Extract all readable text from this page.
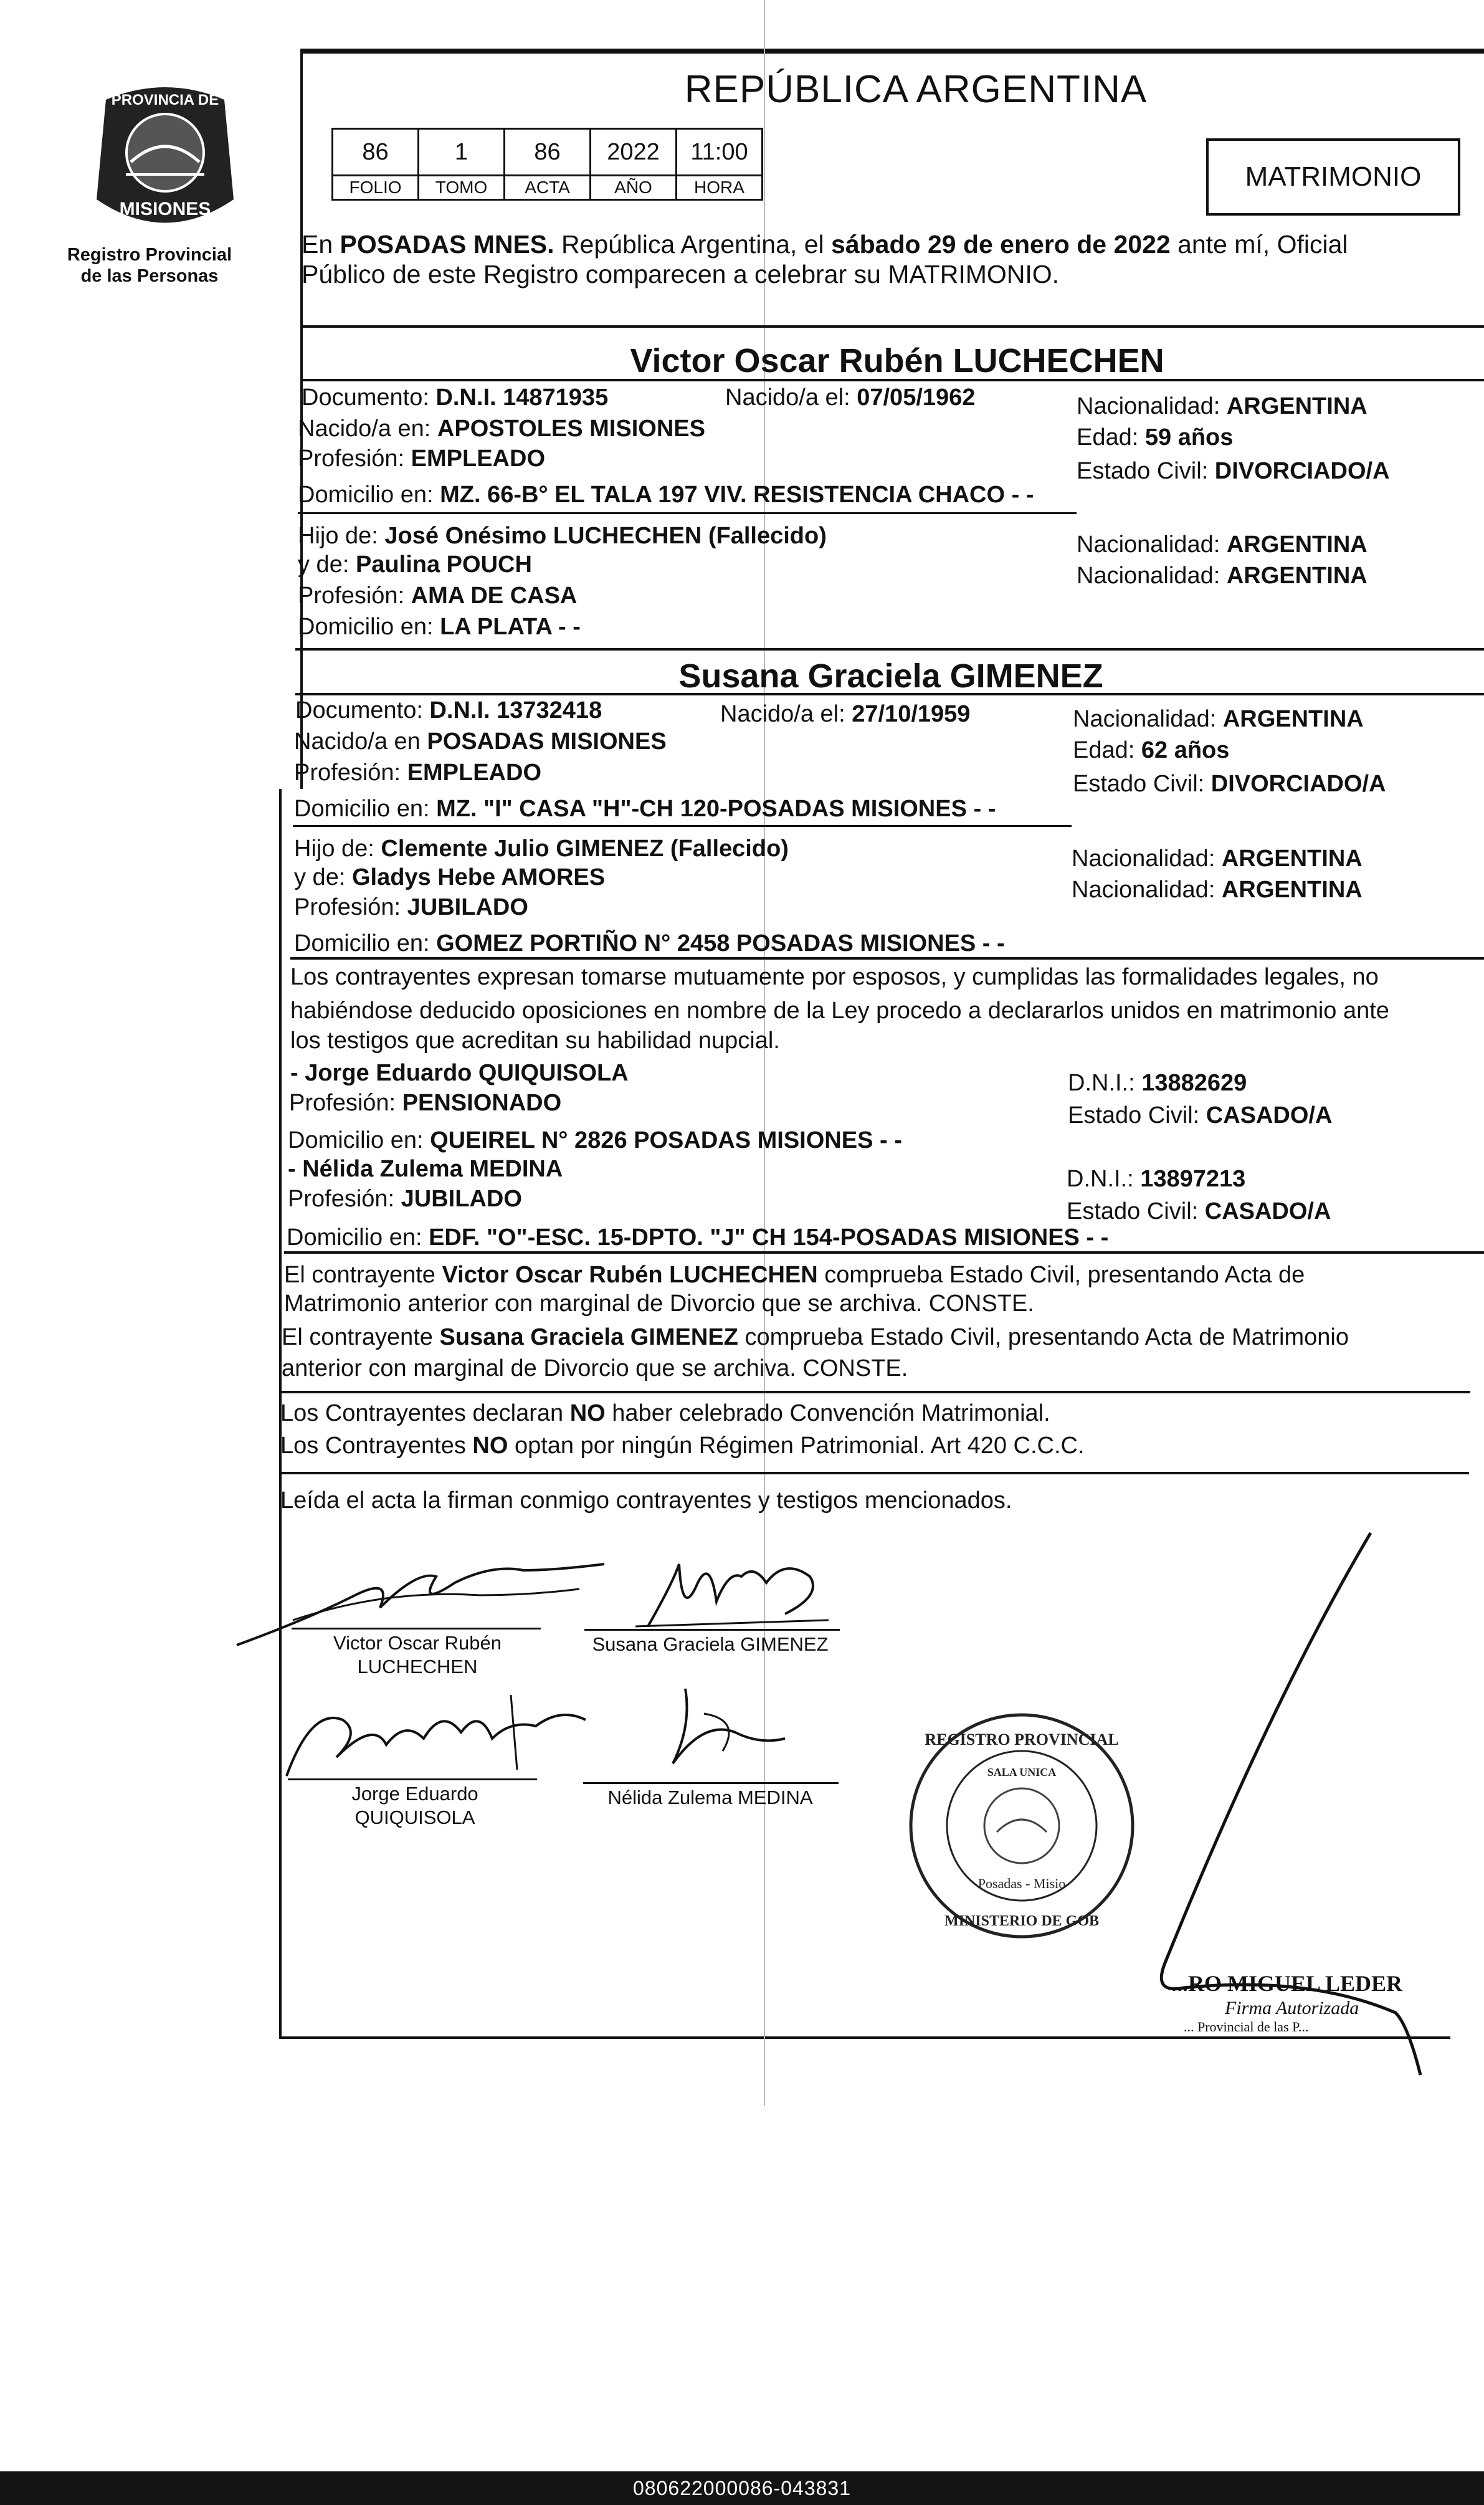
PROVINCIA DE
MISIONES
Registro Provincial
de las Personas
REPÚBLICA ARGENTINA
86	1	86	2022	11:00
FOLIO	TOMO	ACTA	AÑO	HORA	MATRIMONIO
En POSADAS MNES. República Argentina, el sábado 29 de enero de 2022 ante mí, Oficial
Público de este Registro comparecen a celebrar su MATRIMONIO.
Victor Oscar Rubén LUCHECHEN
Documento: D.N.I. 14871935	Nacido/a el: 07/05/1962	Nacionalidad: ARGENTINA
Nacido/a en: APOSTOLES MISIONES	Edad: 59 años
Profesión: EMPLEADO	Estado Civil: DIVORCIADO/A
Domicilio en: MZ. 66-B° EL TALA 197 VIV. RESISTENCIA CHACO - -
Hijo de: José Onésimo LUCHECHEN (Fallecido)	Nacionalidad: ARGENTINA
y de: Paulina POUCH	Nacionalidad: ARGENTINA
Profesión: AMA DE CASA
Domicilio en: LA PLATA - -
Susana Graciela GIMENEZ
Documento: D.N.I. 13732418	Nacido/a el: 27/10/1959	Nacionalidad: ARGENTINA
Nacido/a en POSADAS MISIONES	Edad: 62 años
Profesión: EMPLEADO	Estado Civil: DIVORCIADO/A
Domicilio en: MZ. "I" CASA "H"-CH 120-POSADAS MISIONES - -
Hijo de: Clemente Julio GIMENEZ (Fallecido)	Nacionalidad: ARGENTINA
y de: Gladys Hebe AMORES	Nacionalidad: ARGENTINA
Profesión: JUBILADO
Domicilio en: GOMEZ PORTIÑO N° 2458 POSADAS MISIONES - -
Los contrayentes expresan tomarse mutuamente por esposos, y cumplidas las formalidades legales, no
habiéndose deducido oposiciones en nombre de la Ley procedo a declararlos unidos en matrimonio ante
los testigos que acreditan su habilidad nupcial.
- Jorge Eduardo QUIQUISOLA	D.N.I.: 13882629
Profesión: PENSIONADO	Estado Civil: CASADO/A
Domicilio en: QUEIREL N° 2826 POSADAS MISIONES - -
- Nélida Zulema MEDINA	D.N.I.: 13897213
Profesión: JUBILADO	Estado Civil: CASADO/A
Domicilio en: EDF. "O"-ESC. 15-DPTO. "J" CH 154-POSADAS MISIONES - -
El contrayente Victor Oscar Rubén LUCHECHEN comprueba Estado Civil, presentando Acta de
Matrimonio anterior con marginal de Divorcio que se archiva. CONSTE.
El contrayente Susana Graciela GIMENEZ comprueba Estado Civil, presentando Acta de Matrimonio
anterior con marginal de Divorcio que se archiva. CONSTE.
Los Contrayentes declaran NO haber celebrado Convención Matrimonial.
Los Contrayentes NO optan por ningún Régimen Patrimonial. Art 420 C.C.C.
Leída el acta la firman conmigo contrayentes y testigos mencionados.
Victor Oscar Rubén
LUCHECHEN
Susana Graciela GIMENEZ
Jorge Eduardo
QUIQUISOLA
Nélida Zulema MEDINA
REGISTRO PROVINCIAL
SALA UNICA
Posadas - Misio
MINISTERIO DE GOB
...RO MIGUEL LEDER
Firma Autorizada
... Provincial de las P...
080622000086-043831
